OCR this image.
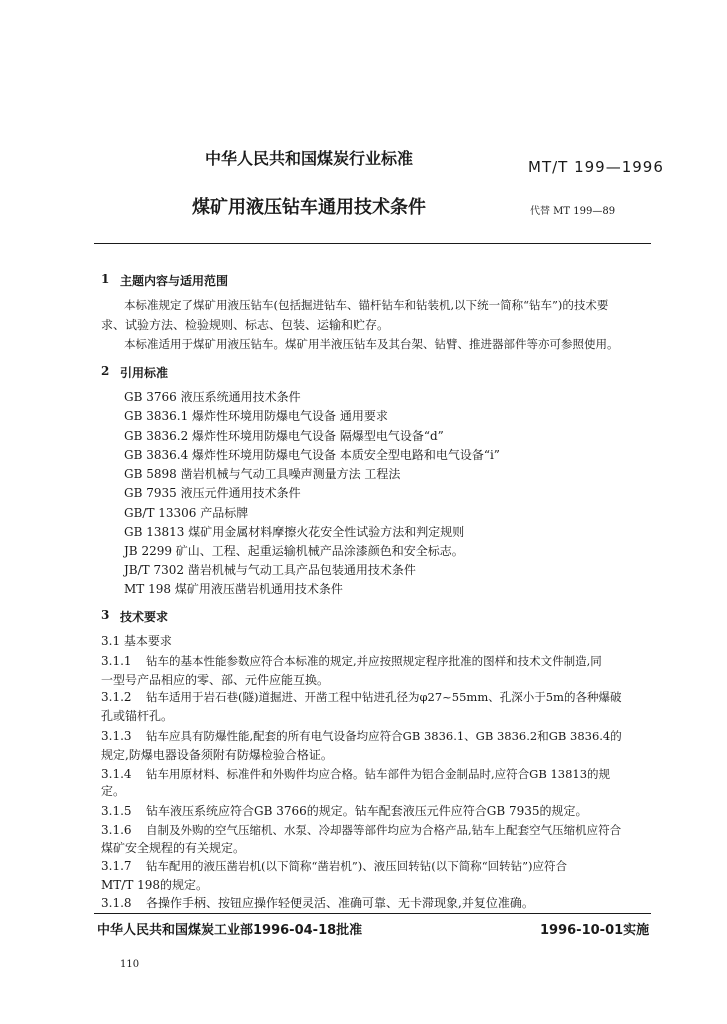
中华人民共和国煤炭行业标准	MT/T 199—1996
煤矿用液压钻车通用技术条件	代替 MT 199—89
1 主题内容与适用范围
本标准规定了煤矿用液压钻车(包括掘进钻车、锚杆钻车和钻装机,以下统一简称“钻车”)的技术要
求、试验方法、检验规则、标志、包装、运输和贮存。
本标准适用于煤矿用液压钻车。煤矿用半液压钻车及其台架、钻臂、推进器部件等亦可参照使用。
2 引用标准
GB 3766 液压系统通用技术条件
GB 3836.1 爆炸性环境用防爆电气设备 通用要求
GB 3836.2 爆炸性环境用防爆电气设备 隔爆型电气设备“d”
GB 3836.4 爆炸性环境用防爆电气设备 本质安全型电路和电气设备“i”
GB 5898 凿岩机械与气动工具噪声测量方法 工程法
GB 7935 液压元件通用技术条件
GB/T 13306 产品标牌
GB 13813 煤矿用金属材料摩擦火花安全性试验方法和判定规则
JB 2299 矿山、工程、起重运输机械产品涂漆颜色和安全标志。
JB/T 7302 凿岩机械与气动工具产品包装通用技术条件
MT 198 煤矿用液压凿岩机通用技术条件
3 技术要求
3.1 基本要求
3.1.1 钻车的基本性能参数应符合本标准的规定,并应按照规定程序批准的图样和技术文件制造,同
一型号产品相应的零、部、元件应能互换。
3.1.2 钻车适用于岩石巷(隧)道掘进、开凿工程中钻进孔径为φ27~55mm、孔深小于5m的各种爆破
孔或锚杆孔。
3.1.3 钻车应具有防爆性能,配套的所有电气设备均应符合GB 3836.1、GB 3836.2和GB 3836.4的
规定,防爆电器设备须附有防爆检验合格证。
3.1.4 钻车用原材料、标准件和外购件均应合格。钻车部件为铝合金制品时,应符合GB 13813的规
定。
3.1.5 钻车液压系统应符合GB 3766的规定。钻车配套液压元件应符合GB 7935的规定。
3.1.6 自制及外购的空气压缩机、水泵、冷却器等部件均应为合格产品,钻车上配套空气压缩机应符合
煤矿安全规程的有关规定。
3.1.7 钻车配用的液压凿岩机(以下简称“凿岩机”)、液压回转钻(以下简称“回转钻”)应符合
MT/T 198的规定。
3.1.8 各操作手柄、按钮应操作轻便灵活、准确可靠、无卡滞现象,并复位准确。
中华人民共和国煤炭工业部1996-04-18批准	1996-10-01实施
110
